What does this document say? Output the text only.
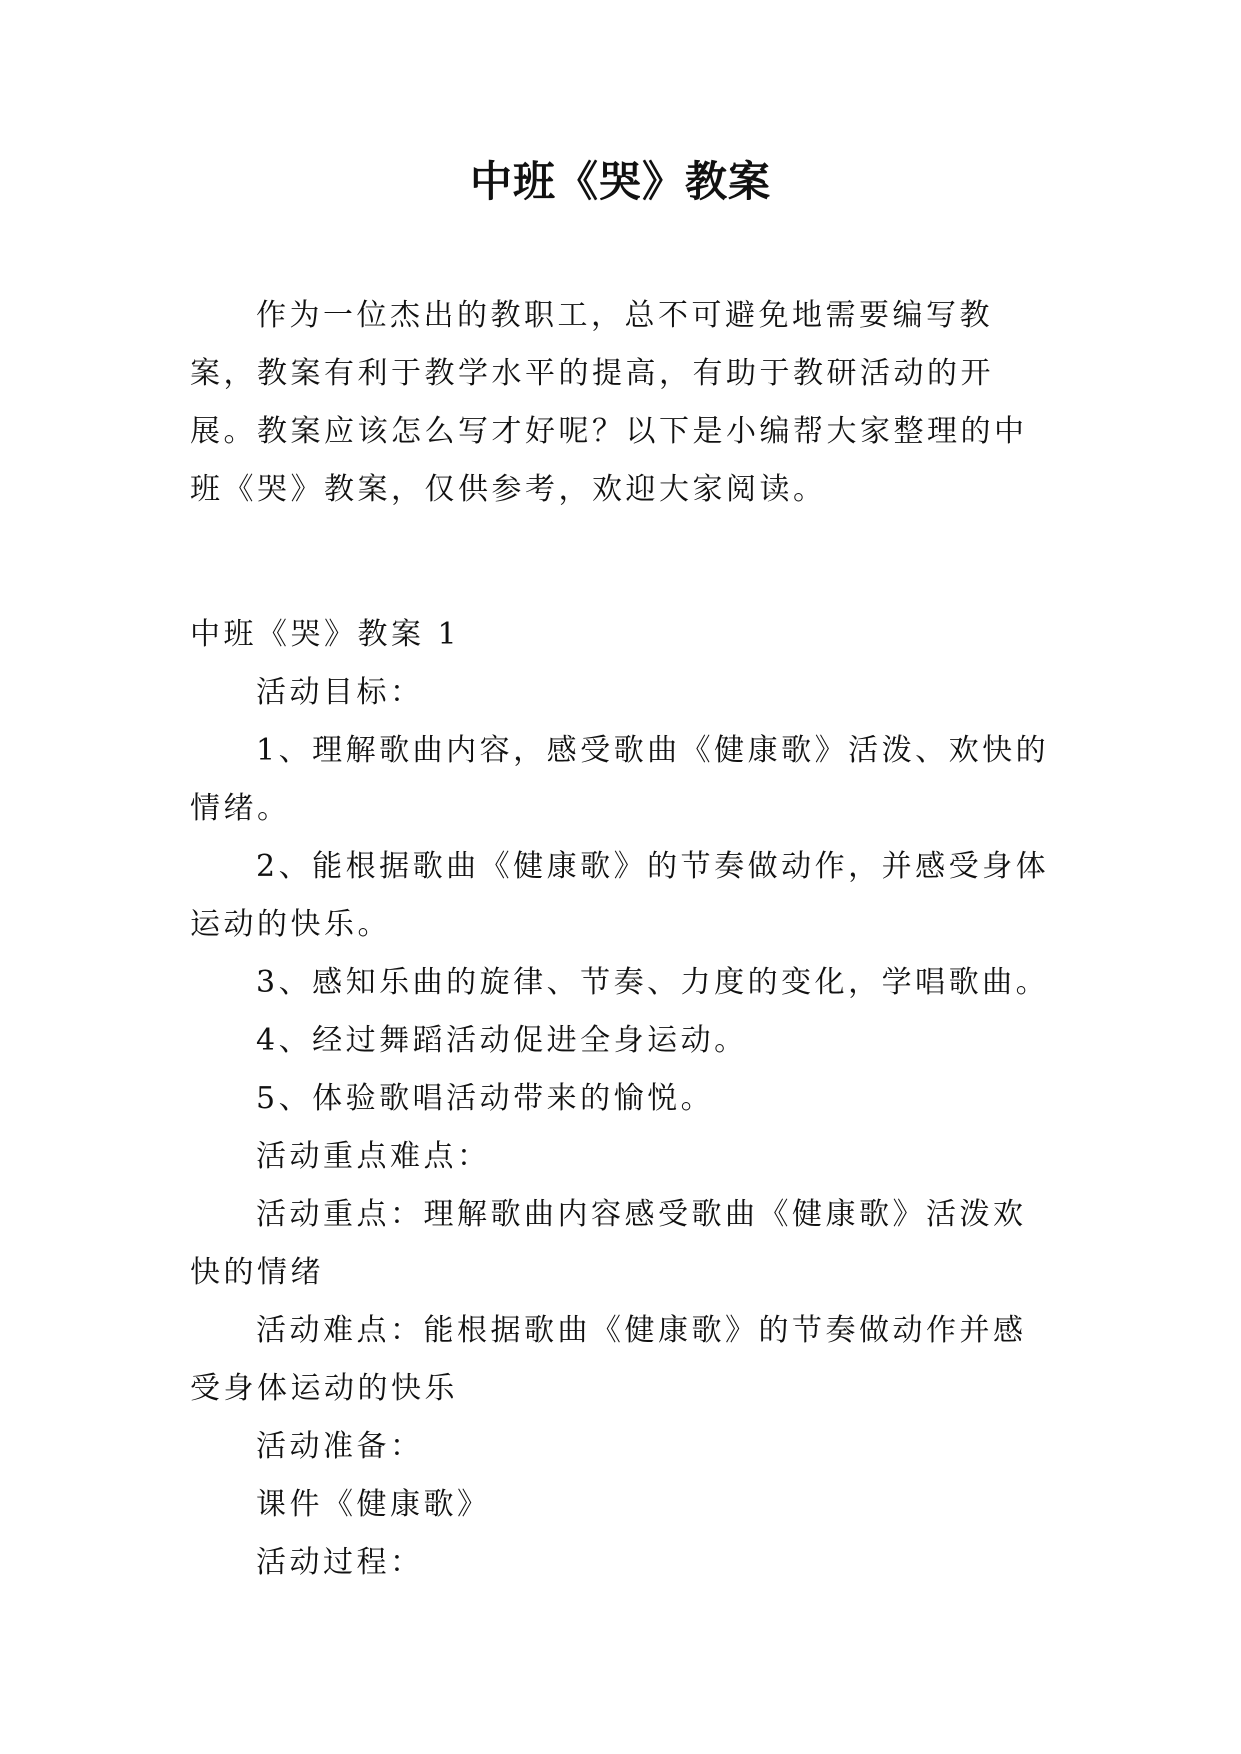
中班《哭》教案

作为一位杰出的教职工，总不可避免地需要编写教案，教案有利于教学水平的提高，有助于教研活动的开展。教案应该怎么写才好呢？以下是小编帮大家整理的中班《哭》教案，仅供参考，欢迎大家阅读。

中班《哭》教案 1

活动目标：

1、理解歌曲内容，感受歌曲《健康歌》活泼、欢快的情绪。

2、能根据歌曲《健康歌》的节奏做动作，并感受身体运动的快乐。

3、感知乐曲的旋律、节奏、力度的变化，学唱歌曲。

4、经过舞蹈活动促进全身运动。

5、体验歌唱活动带来的愉悦。

活动重点难点：

活动重点：理解歌曲内容感受歌曲《健康歌》活泼欢快的情绪

活动难点：能根据歌曲《健康歌》的节奏做动作并感受身体运动的快乐

活动准备：

课件《健康歌》

活动过程：
